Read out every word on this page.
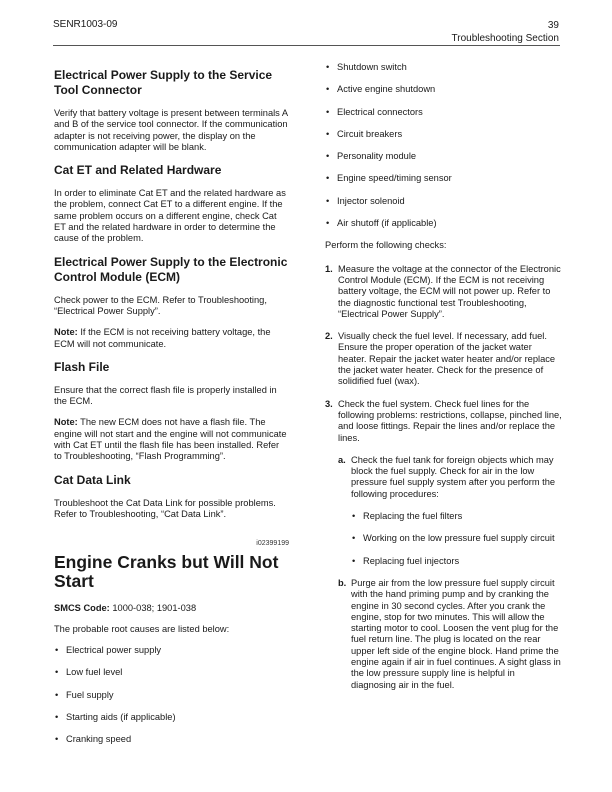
SENR1003-09	39
Troubleshooting Section
Electrical Power Supply to the Service Tool Connector

Verify that battery voltage is present between terminals A and B of the service tool connector. If the communication adapter is not receiving power, the display on the communication adapter will be blank.

Cat ET and Related Hardware

In order to eliminate Cat ET and the related hardware as the problem, connect Cat ET to a different engine. If the same problem occurs on a different engine, check Cat ET and the related hardware in order to determine the cause of the problem.

Electrical Power Supply to the Electronic Control Module (ECM)

Check power to the ECM. Refer to Troubleshooting, “Electrical Power Supply”.

Note: If the ECM is not receiving battery voltage, the ECM will not communicate.

Flash File

Ensure that the correct flash file is properly installed in the ECM.

Note: The new ECM does not have a flash file. The engine will not start and the engine will not communicate with Cat ET until the flash file has been installed. Refer to Troubleshooting, “Flash Programming”.

Cat Data Link

Troubleshoot the Cat Data Link for possible problems. Refer to Troubleshooting, “Cat Data Link”.

i02399199
Engine Cranks but Will Not Start

SMCS Code: 1000-038; 1901-038

The probable root causes are listed below:

• Electrical power supply
• Low fuel level
• Fuel supply
• Starting aids (if applicable)
• Cranking speed
• Shutdown switch
• Active engine shutdown
• Electrical connectors
• Circuit breakers
• Personality module
• Engine speed/timing sensor
• Injector solenoid
• Air shutoff (if applicable)

Perform the following checks:

1. Measure the voltage at the connector of the Electronic Control Module (ECM). If the ECM is not receiving battery voltage, the ECM will not power up. Refer to the diagnostic functional test Troubleshooting, “Electrical Power Supply”.
2. Visually check the fuel level. If necessary, add fuel. Ensure the proper operation of the jacket water heater. Repair the jacket water heater and/or replace the jacket water heater. Check for the presence of solidified fuel (wax).
3. Check the fuel system. Check fuel lines for the following problems: restrictions, collapse, pinched line, and loose fittings. Repair the lines and/or replace the lines.
a. Check the fuel tank for foreign objects which may block the fuel supply. Check for air in the low pressure fuel supply system after you perform the following procedures:
• Replacing the fuel filters
• Working on the low pressure fuel supply circuit
• Replacing fuel injectors
b. Purge air from the low pressure fuel supply circuit with the hand priming pump and by cranking the engine in 30 second cycles. After you crank the engine, stop for two minutes. This will allow the starting motor to cool. Loosen the vent plug for the fuel return line. The plug is located on the rear upper left side of the engine block. Hand prime the engine again if air in fuel continues. A sight glass in the low pressure supply line is helpful in diagnosing air in the fuel.
